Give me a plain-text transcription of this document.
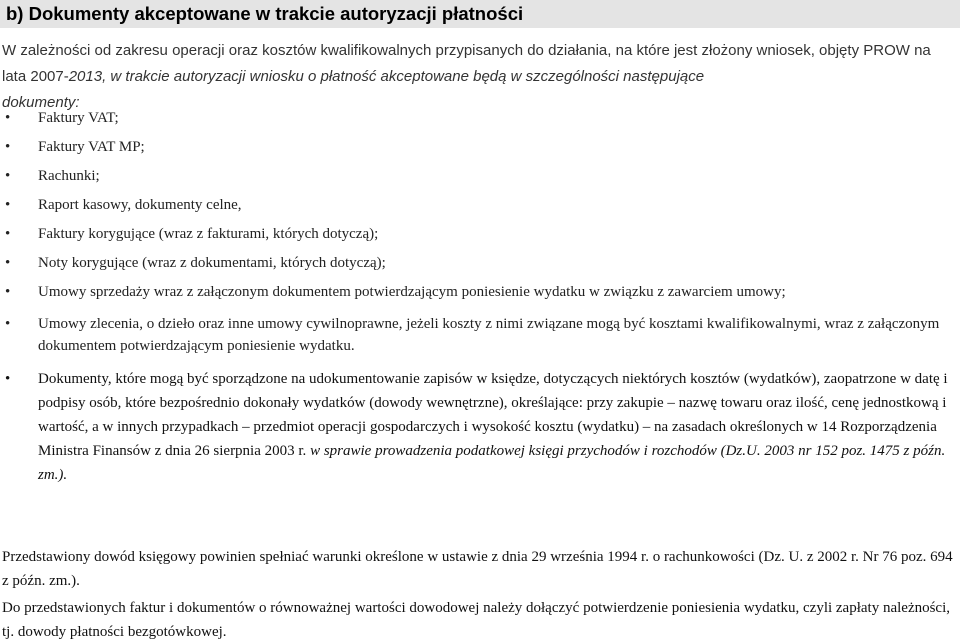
b) Dokumenty akceptowane w trakcie autoryzacji płatności
W zależności od zakresu operacji oraz kosztów kwalifikowalnych przypisanych do działania, na które jest złożony wniosek, objęty PROW na lata 2007-2013, w trakcie autoryzacji wniosku o płatność akceptowane będą w szczególności następujące
dokumenty:
• Faktury VAT;
• Faktury VAT MP;
• Rachunki;
• Raport kasowy, dokumenty celne,
• Faktury korygujące (wraz z fakturami, których dotyczą);
• Noty korygujące (wraz z dokumentami, których dotyczą);
• Umowy sprzedaży wraz z załączonym dokumentem potwierdzającym poniesienie wydatku w związku z zawarciem umowy;
• Umowy zlecenia, o dzieło oraz inne umowy cywilnoprawne, jeżeli koszty z nimi związane mogą być kosztami kwalifikowalnymi, wraz z załączonym dokumentem potwierdzającym poniesienie wydatku.
• Dokumenty, które mogą być sporządzone na udokumentowanie zapisów w księdze, dotyczących niektórych kosztów (wydatków), zaopatrzone w datę i podpisy osób, które bezpośrednio dokonały wydatków (dowody wewnętrzne), określające: przy zakupie – nazwę towaru oraz ilość, cenę jednostkową i wartość, a w innych przypadkach – przedmiot operacji gospodarczych i wysokość kosztu (wydatku) – na zasadach określonych w 14 Rozporządzenia Ministra Finansów z dnia 26 sierpnia 2003 r. w sprawie prowadzenia podatkowej księgi przychodów i rozchodów (Dz.U. 2003 nr 152 poz. 1475 z późn. zm.).
Przedstawiony dowód księgowy powinien spełniać warunki określone w ustawie z dnia 29 września 1994 r. o rachunkowości (Dz. U. z 2002 r. Nr 76 poz. 694 z późn. zm.).
Do przedstawionych faktur i dokumentów o równoważnej wartości dowodowej należy dołączyć potwierdzenie poniesienia wydatku, czyli zapłaty należności, tj. dowody płatności bezgotówkowej.
